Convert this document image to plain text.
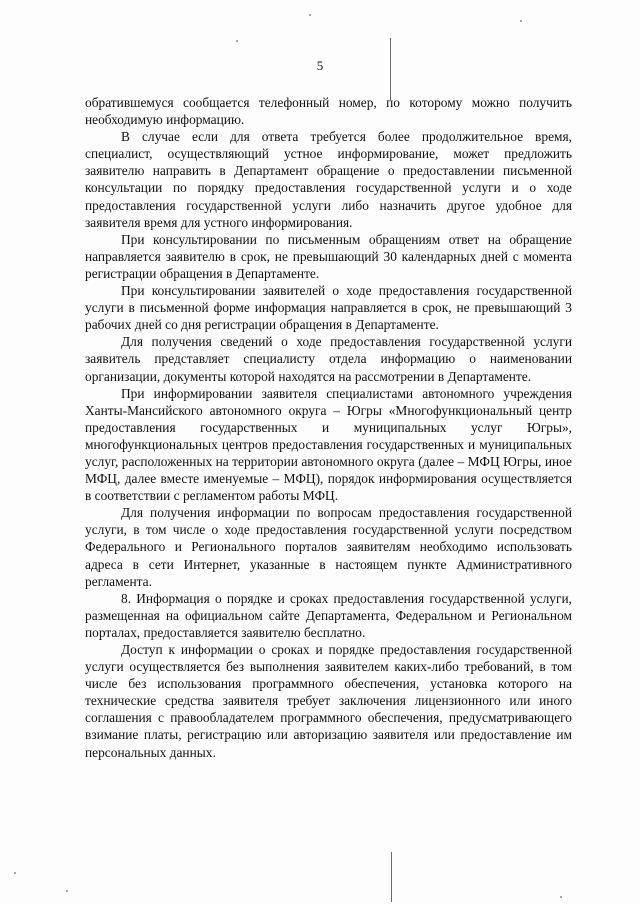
5

обратившемуся сообщается телефонный номер, по которому можно получить необходимую информацию.

В случае если для ответа требуется более продолжительное время, специалист, осуществляющий устное информирование, может предложить заявителю направить в Департамент обращение о предоставлении письменной консультации по порядку предоставления государственной услуги и о ходе предоставления государственной услуги либо назначить другое удобное для заявителя время для устного информирования.

При консультировании по письменным обращениям ответ на обращение направляется заявителю в срок, не превышающий 30 календарных дней с момента регистрации обращения в Департаменте.

При консультировании заявителей о ходе предоставления государственной услуги в письменной форме информация направляется в срок, не превышающий 3 рабочих дней со дня регистрации обращения в Департаменте.

Для получения сведений о ходе предоставления государственной услуги заявитель представляет специалисту отдела информацию о наименовании организации, документы которой находятся на рассмотрении в Департаменте.

При информировании заявителя специалистами автономного учреждения Ханты-Мансийского автономного округа – Югры «Многофункциональный центр предоставления государственных и муниципальных услуг Югры», многофункциональных центров предоставления государственных и муниципальных услуг, расположенных на территории автономного округа (далее – МФЦ Югры, иное МФЦ, далее вместе именуемые – МФЦ), порядок информирования осуществляется в соответствии с регламентом работы МФЦ.

Для получения информации по вопросам предоставления государственной услуги, в том числе о ходе предоставления государственной услуги посредством Федерального и Регионального порталов заявителям необходимо использовать адреса в сети Интернет, указанные в настоящем пункте Административного регламента.

8. Информация о порядке и сроках предоставления государственной услуги, размещенная на официальном сайте Департамента, Федеральном и Региональном порталах, предоставляется заявителю бесплатно.

Доступ к информации о сроках и порядке предоставления государственной услуги осуществляется без выполнения заявителем каких-либо требований, в том числе без использования программного обеспечения, установка которого на технические средства заявителя требует заключения лицензионного или иного соглашения с правообладателем программного обеспечения, предусматривающего взимание платы, регистрацию или авторизацию заявителя или предоставление им персональных данных.
